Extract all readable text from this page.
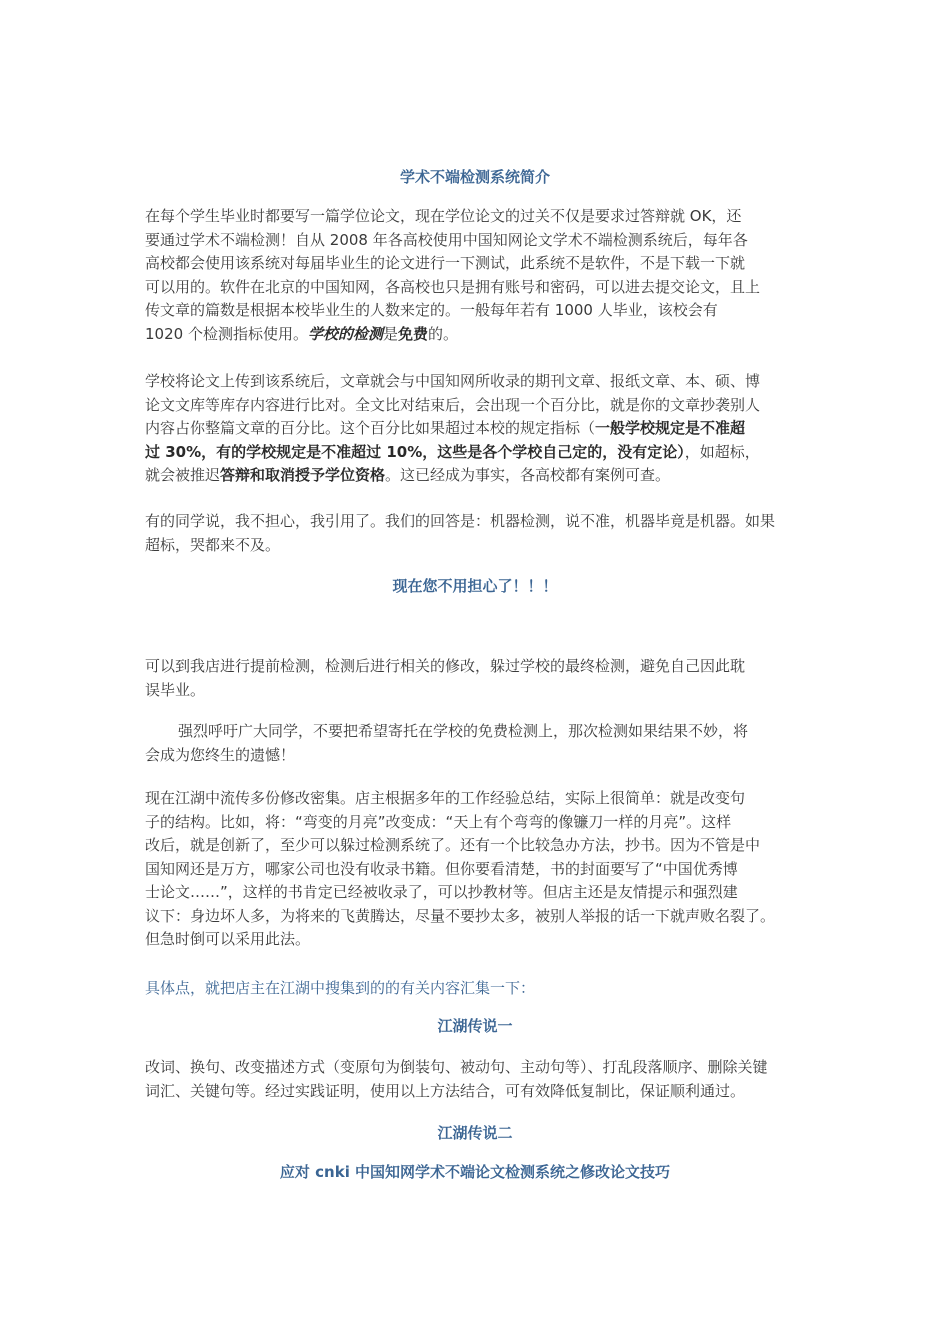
学术不端检测系统简介
在每个学生毕业时都要写一篇学位论文，现在学位论文的过关不仅是要求过答辩就 OK，还
要通过学术不端检测！自从 2008 年各高校使用中国知网论文学术不端检测系统后，每年各
高校都会使用该系统对每届毕业生的论文进行一下测试，此系统不是软件，不是下载一下就
可以用的。软件在北京的中国知网，各高校也只是拥有账号和密码，可以进去提交论文，且上
传文章的篇数是根据本校毕业生的人数来定的。一般每年若有 1000 人毕业，该校会有
1020 个检测指标使用。学校的检测是免费的。
学校将论文上传到该系统后，文章就会与中国知网所收录的期刊文章、报纸文章、本、硕、博
论文文库等库存内容进行比对。全文比对结束后，会出现一个百分比，就是你的文章抄袭别人
内容占你整篇文章的百分比。这个百分比如果超过本校的规定指标（一般学校规定是不准超
过 30%，有的学校规定是不准超过 10%，这些是各个学校自己定的，没有定论），如超标，
就会被推迟答辩和取消授予学位资格。这已经成为事实，各高校都有案例可查。
有的同学说，我不担心，我引用了。我们的回答是：机器检测，说不准，机器毕竟是机器。如果
超标，哭都来不及。
现在您不用担心了！！！
可以到我店进行提前检测，检测后进行相关的修改，躲过学校的最终检测，避免自己因此耽
误毕业。
强烈呼吁广大同学，不要把希望寄托在学校的免费检测上，那次检测如果结果不妙，将
会成为您终生的遗憾！
现在江湖中流传多份修改密集。店主根据多年的工作经验总结，实际上很简单：就是改变句
子的结构。比如，将：“弯变的月亮”改变成：“天上有个弯弯的像镰刀一样的月亮”。这样
改后，就是创新了，至少可以躲过检测系统了。还有一个比较急办方法，抄书。因为不管是中
国知网还是万方，哪家公司也没有收录书籍。但你要看清楚，书的封面要写了“中国优秀博
士论文……”，这样的书肯定已经被收录了，可以抄教材等。但店主还是友情提示和强烈建
议下：身边坏人多，为将来的飞黄腾达，尽量不要抄太多，被别人举报的话一下就声败名裂了。
但急时倒可以采用此法。
具体点，就把店主在江湖中搜集到的的有关内容汇集一下：
江湖传说一
改词、换句、改变描述方式（变原句为倒装句、被动句、主动句等）、打乱段落顺序、删除关键
词汇、关键句等。经过实践证明，使用以上方法结合，可有效降低复制比，保证顺利通过。
江湖传说二
应对 cnki 中国知网学术不端论文检测系统之修改论文技巧
